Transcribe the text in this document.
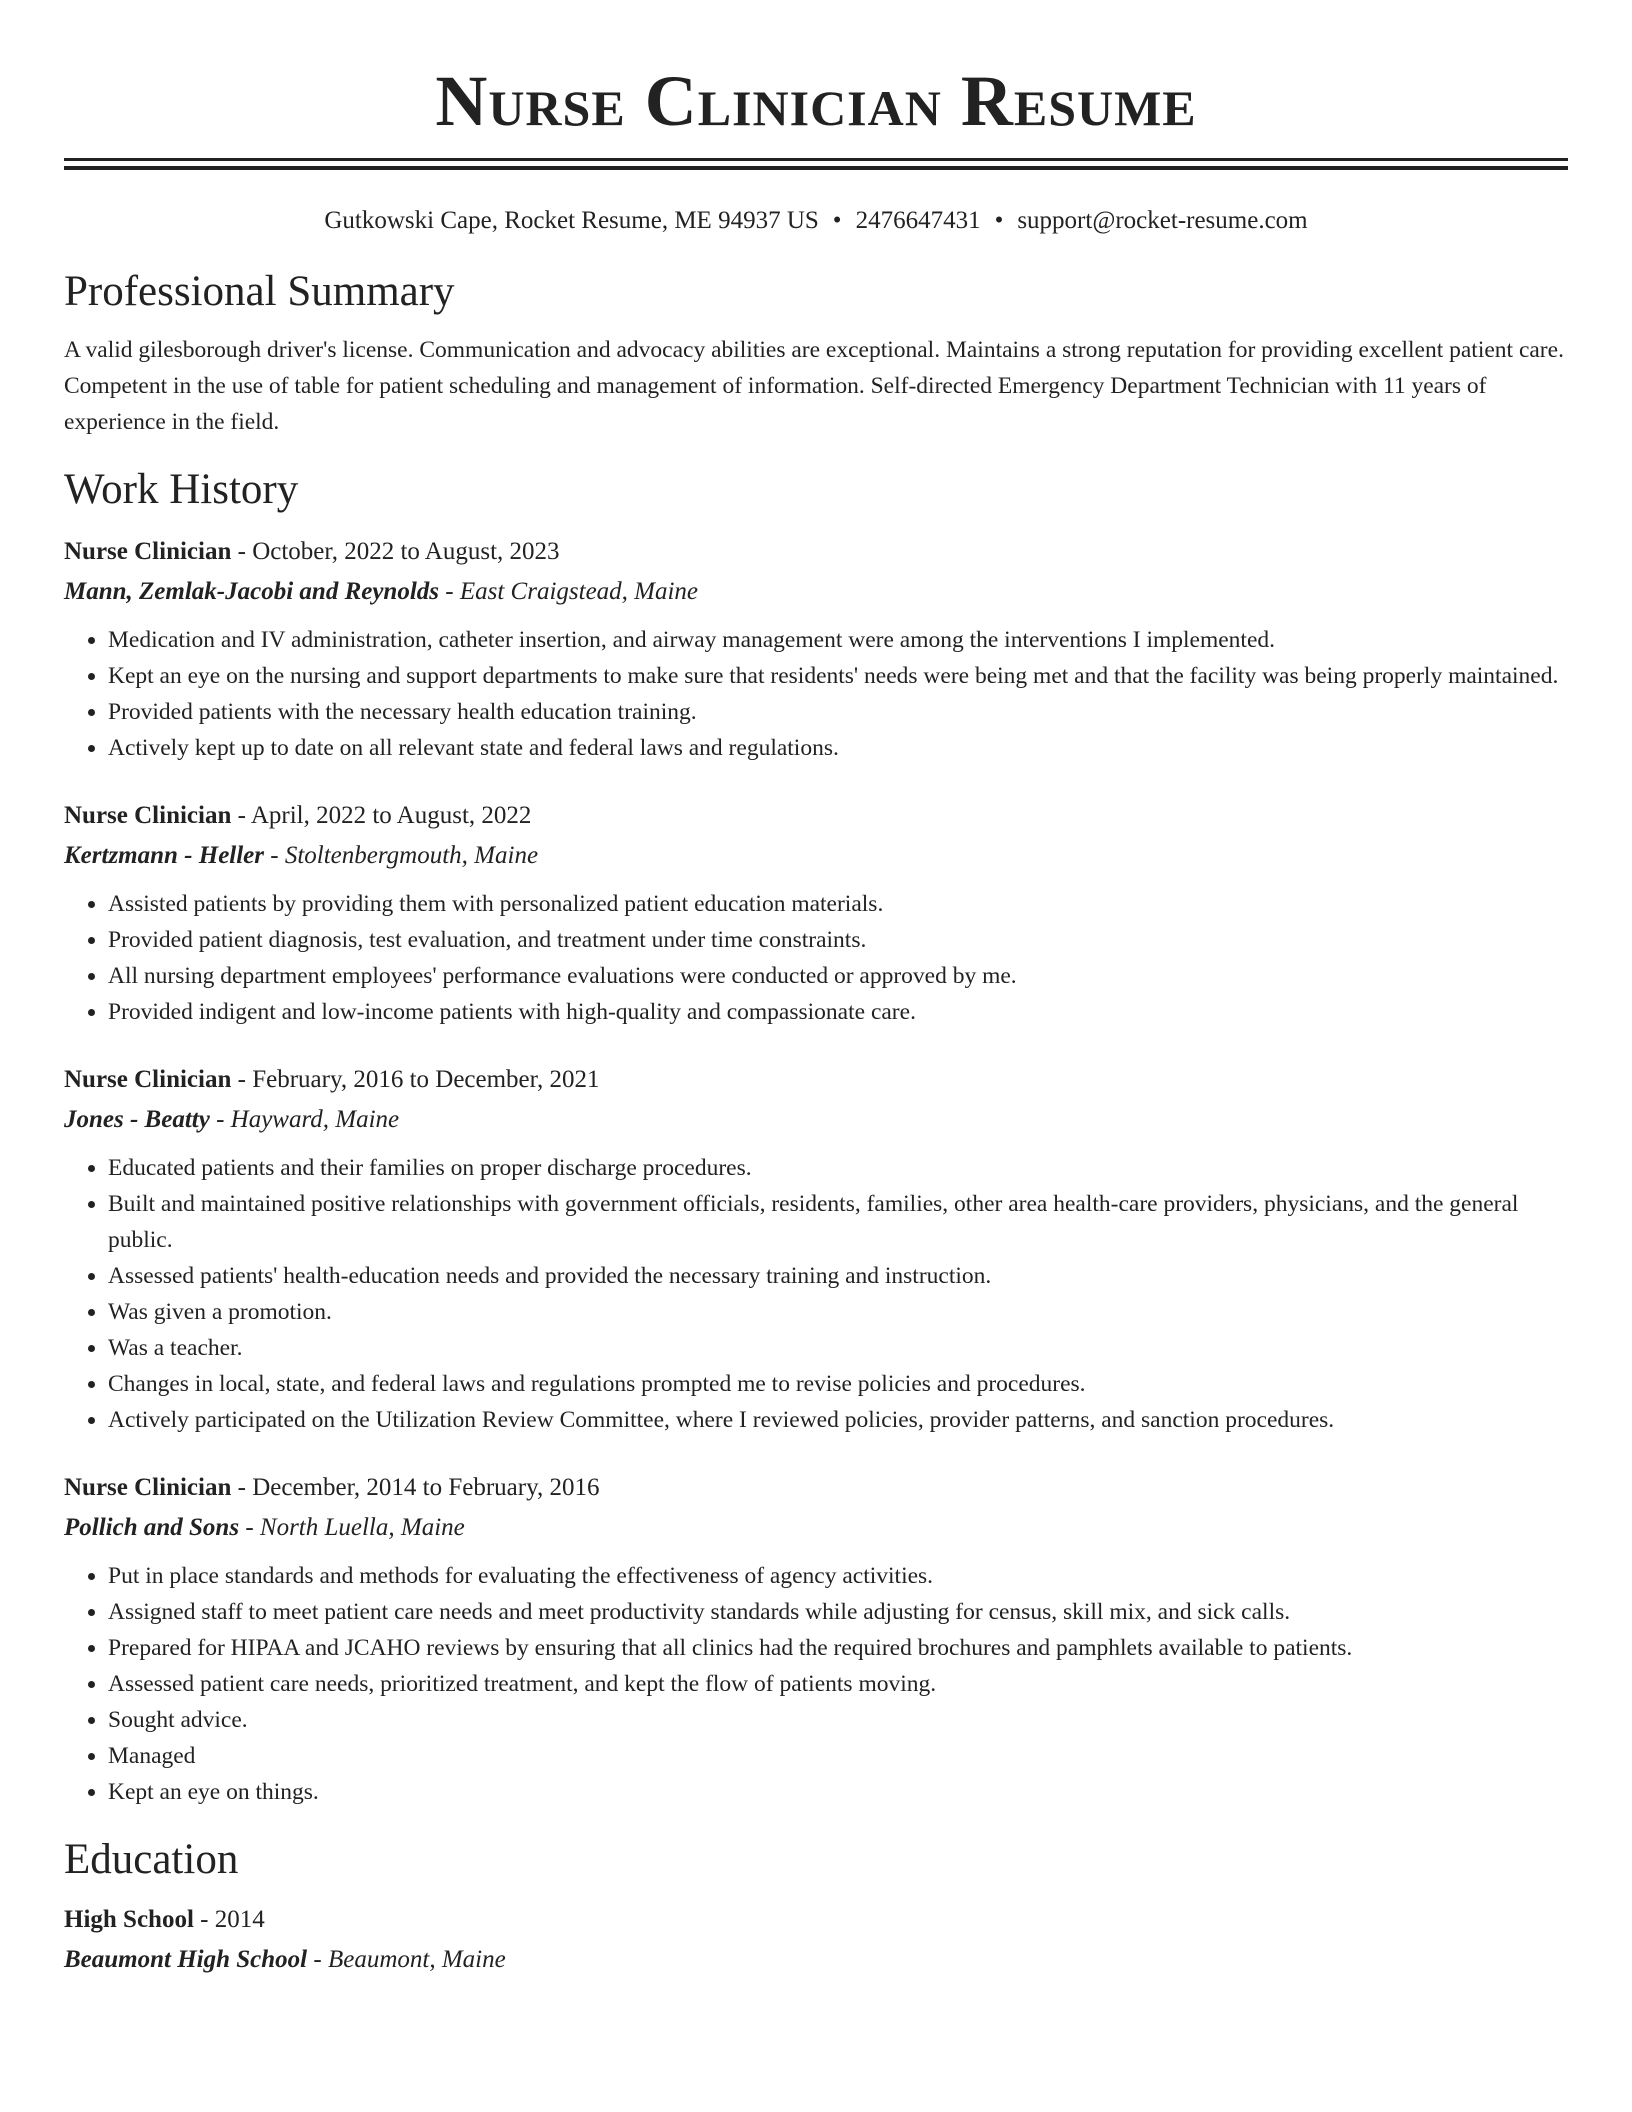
Nurse Clinician Resume
Gutkowski Cape, Rocket Resume, ME 94937 US • 2476647431 • support@rocket-resume.com
Professional Summary

A valid gilesborough driver's license. Communication and advocacy abilities are exceptional. Maintains a strong reputation for providing excellent patient care. Competent in the use of table for patient scheduling and management of information. Self-directed Emergency Department Technician with 11 years of experience in the field.

Work History
Nurse Clinician - October, 2022 to August, 2023
Mann, Zemlak-Jacobi and Reynolds - East Craigstead, Maine
• Medication and IV administration, catheter insertion, and airway management were among the interventions I implemented.
• Kept an eye on the nursing and support departments to make sure that residents' needs were being met and that the facility was being properly maintained.
• Provided patients with the necessary health education training.
• Actively kept up to date on all relevant state and federal laws and regulations.
Nurse Clinician - April, 2022 to August, 2022
Kertzmann - Heller - Stoltenbergmouth, Maine
• Assisted patients by providing them with personalized patient education materials.
• Provided patient diagnosis, test evaluation, and treatment under time constraints.
• All nursing department employees' performance evaluations were conducted or approved by me.
• Provided indigent and low-income patients with high-quality and compassionate care.
Nurse Clinician - February, 2016 to December, 2021
Jones - Beatty - Hayward, Maine
• Educated patients and their families on proper discharge procedures.
• Built and maintained positive relationships with government officials, residents, families, other area health-care providers, physicians, and the general public.
• Assessed patients' health-education needs and provided the necessary training and instruction.
• Was given a promotion.
• Was a teacher.
• Changes in local, state, and federal laws and regulations prompted me to revise policies and procedures.
• Actively participated on the Utilization Review Committee, where I reviewed policies, provider patterns, and sanction procedures.
Nurse Clinician - December, 2014 to February, 2016
Pollich and Sons - North Luella, Maine
• Put in place standards and methods for evaluating the effectiveness of agency activities.
• Assigned staff to meet patient care needs and meet productivity standards while adjusting for census, skill mix, and sick calls.
• Prepared for HIPAA and JCAHO reviews by ensuring that all clinics had the required brochures and pamphlets available to patients.
• Assessed patient care needs, prioritized treatment, and kept the flow of patients moving.
• Sought advice.
• Managed
• Kept an eye on things.
Education
High School - 2014
Beaumont High School - Beaumont, Maine
